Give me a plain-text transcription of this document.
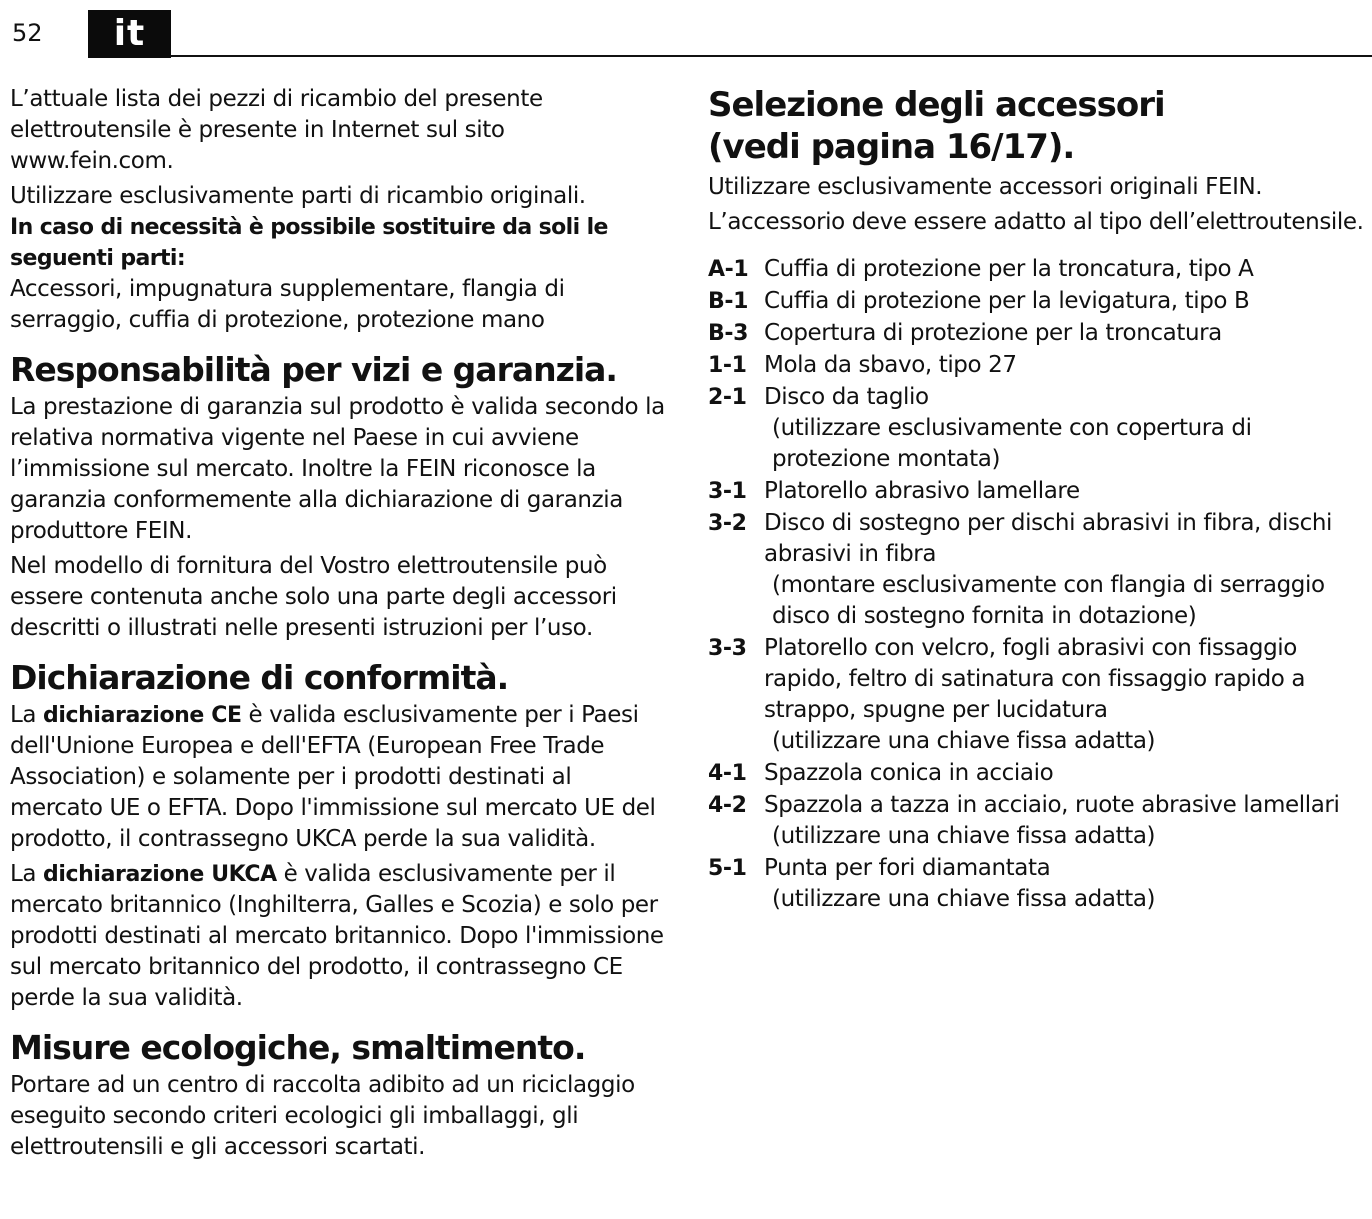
52	it

L’attuale lista dei pezzi di ricambio del presente elettroutensile è presente in Internet sul sito www.fein.com.

Utilizzare esclusivamente parti di ricambio originali.

In caso di necessità è possibile sostituire da soli le seguenti parti:

Accessori, impugnatura supplementare, flangia di serraggio, cuffia di protezione, protezione mano

Responsabilità per vizi e garanzia.

La prestazione di garanzia sul prodotto è valida secondo la relativa normativa vigente nel Paese in cui avviene l’immissione sul mercato. Inoltre la FEIN riconosce la garanzia conformemente alla dichiarazione di garanzia produttore FEIN.

Nel modello di fornitura del Vostro elettroutensile può essere contenuta anche solo una parte degli accessori descritti o illustrati nelle presenti istruzioni per l’uso.

Dichiarazione di conformità.

La dichiarazione CE è valida esclusivamente per i Paesi dell'Unione Europea e dell'EFTA (European Free Trade Association) e solamente per i prodotti destinati al mercato UE o EFTA. Dopo l'immissione sul mercato UE del prodotto, il contrassegno UKCA perde la sua validità.

La dichiarazione UKCA è valida esclusivamente per il mercato britannico (Inghilterra, Galles e Scozia) e solo per prodotti destinati al mercato britannico. Dopo l'immissione sul mercato britannico del prodotto, il contrassegno CE perde la sua validità.

Misure ecologiche, smaltimento.

Portare ad un centro di raccolta adibito ad un riciclaggio eseguito secondo criteri ecologici gli imballaggi, gli elettroutensili e gli accessori scartati.

Selezione degli accessori
(vedi pagina 16/17).

Utilizzare esclusivamente accessori originali FEIN.

L’accessorio deve essere adatto al tipo dell’elettroutensile.

A-1 Cuffia di protezione per la troncatura, tipo A
B-1 Cuffia di protezione per la levigatura, tipo B
B-3 Copertura di protezione per la troncatura
1-1 Mola da sbavo, tipo 27
2-1 Disco da taglio
(utilizzare esclusivamente con copertura di protezione montata)
3-1 Platorello abrasivo lamellare
3-2 Disco di sostegno per dischi abrasivi in fibra, dischi abrasivi in fibra
(montare esclusivamente con flangia di serraggio disco di sostegno fornita in dotazione)
3-3 Platorello con velcro, fogli abrasivi con fissaggio rapido, feltro di satinatura con fissaggio rapido a strappo, spugne per lucidatura
(utilizzare una chiave fissa adatta)
4-1 Spazzola conica in acciaio
4-2 Spazzola a tazza in acciaio, ruote abrasive lamellari
(utilizzare una chiave fissa adatta)
5-1 Punta per fori diamantata
(utilizzare una chiave fissa adatta)
